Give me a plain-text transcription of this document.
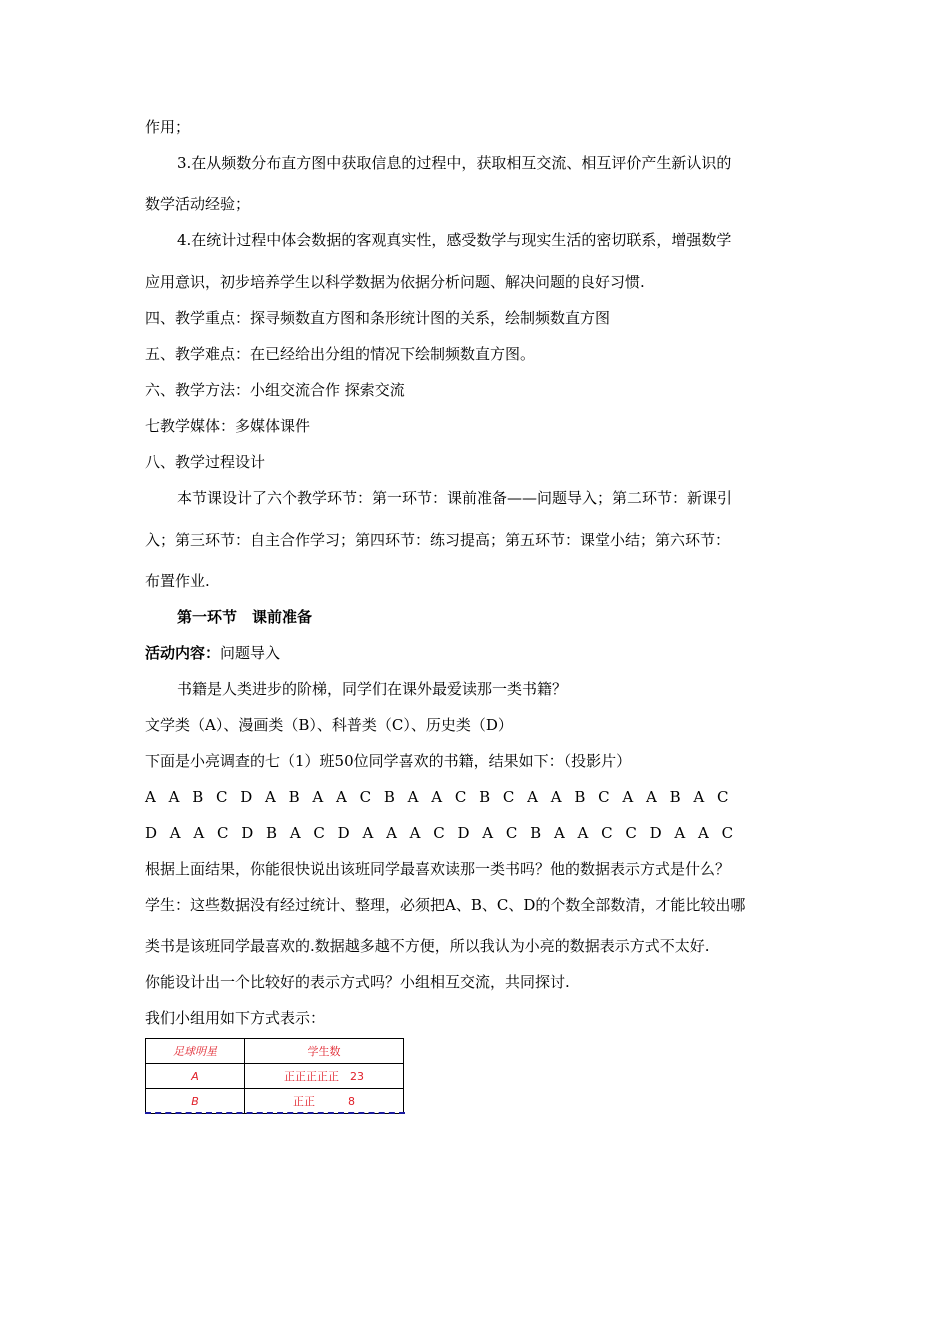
作用；
3.在从频数分布直方图中获取信息的过程中，获取相互交流、相互评价产生新认识的
数学活动经验；
4.在统计过程中体会数据的客观真实性，感受数学与现实生活的密切联系，增强数学
应用意识，初步培养学生以科学数据为依据分析问题、解决问题的良好习惯.
四、教学重点：探寻频数直方图和条形统计图的关系，绘制频数直方图
五、教学难点：在已经给出分组的情况下绘制频数直方图。
六、教学方法：小组交流合作 探索交流
七教学媒体：多媒体课件
八、教学过程设计
本节课设计了六个教学环节：第一环节：课前准备——问题导入；第二环节：新课引
入；第三环节：自主合作学习；第四环节：练习提高；第五环节：课堂小结；第六环节：
布置作业.
第一环节　课前准备
活动内容：问题导入
书籍是人类进步的阶梯，同学们在课外最爱读那一类书籍？
文学类（A）、漫画类（B）、科普类（C）、历史类（D）
下面是小亮调查的七（1）班50位同学喜欢的书籍，结果如下：（投影片）
A A B C D A B A A C B A A C B C A A B C A A B A C
D A A C D B A C D A A A C D A C B A A C C D A A C
根据上面结果，你能很快说出该班同学最喜欢读那一类书吗？他的数据表示方式是什么？
学生：这些数据没有经过统计、整理，必须把A、B、C、D的个数全部数清，才能比较出哪
类书是该班同学最喜欢的.数据越多越不方便，所以我认为小亮的数据表示方式不太好.
你能设计出一个比较好的表示方式吗？小组相互交流，共同探讨.
我们小组用如下方式表示：
足球明星	学生数
A	正正正正正　23
B	正正　　　8
